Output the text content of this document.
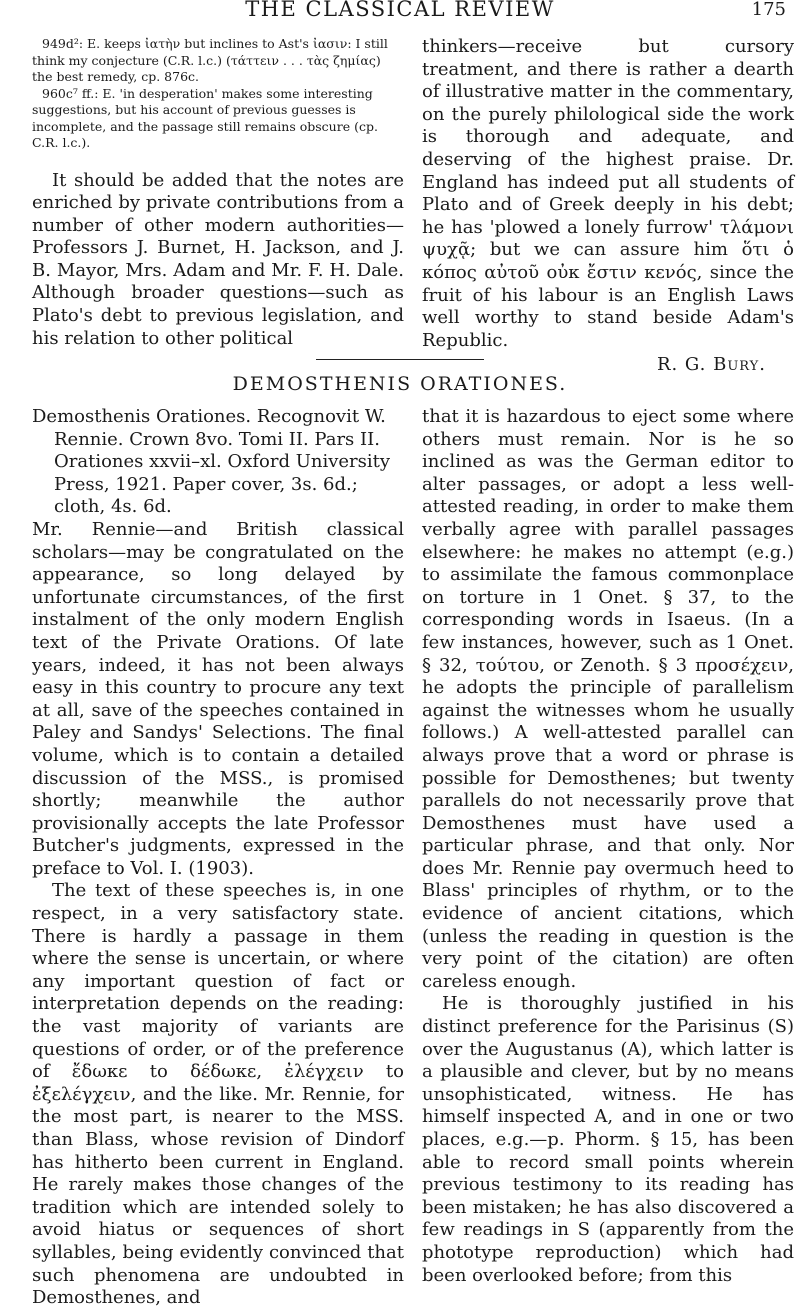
THE CLASSICAL REVIEW	175

949d²: E. keeps ἰατὴν but inclines to Ast's ἰασιν: I still think my conjecture (C.R. l.c.) (τάττειν . . . τὰς ζημίας) the best remedy, cp. 876c.

960c⁷ ff.: E. 'in desperation' makes some interesting suggestions, but his account of previous guesses is incomplete, and the passage still remains obscure (cp. C.R. l.c.).

It should be added that the notes are enriched by private contributions from a number of other modern authorities—Professors J. Burnet, H. Jackson, and J. B. Mayor, Mrs. Adam and Mr. F. H. Dale. Although broader questions—such as Plato's debt to previous legislation, and his relation to other political

thinkers—receive but cursory treatment, and there is rather a dearth of illustrative matter in the commentary, on the purely philological side the work is thorough and adequate, and deserving of the highest praise. Dr. England has indeed put all students of Plato and of Greek deeply in his debt; he has 'plowed a lonely furrow' τλάμονι ψυχᾷ; but we can assure him ὅτι ὁ κόπος αὐτοῦ οὐκ ἔστιν κενός, since the fruit of his labour is an English Laws well worthy to stand beside Adam's Republic.

R. G. Bury.
DEMOSTHENIS ORATIONES.

Demosthenis Orationes. Recognovit W. Rennie. Crown 8vo. Tomi II. Pars II. Orationes xxvii–xl. Oxford University Press, 1921. Paper cover, 3s. 6d.; cloth, 4s. 6d.

Mr. Rennie—and British classical scholars—may be congratulated on the appearance, so long delayed by unfortunate circumstances, of the first instalment of the only modern English text of the Private Orations. Of late years, indeed, it has not been always easy in this country to procure any text at all, save of the speeches contained in Paley and Sandys' Selections. The final volume, which is to contain a detailed discussion of the MSS., is promised shortly; meanwhile the author provisionally accepts the late Professor Butcher's judgments, expressed in the preface to Vol. I. (1903).

The text of these speeches is, in one respect, in a very satisfactory state. There is hardly a passage in them where the sense is uncertain, or where any important question of fact or interpretation depends on the reading: the vast majority of variants are questions of order, or of the preference of ἔδωκε to δέδωκε, ἐλέγχειν to ἐξελέγχειν, and the like. Mr. Rennie, for the most part, is nearer to the MSS. than Blass, whose revision of Dindorf has hitherto been current in England. He rarely makes those changes of the tradition which are intended solely to avoid hiatus or sequences of short syllables, being evidently convinced that such phenomena are undoubted in Demosthenes, and

that it is hazardous to eject some where others must remain. Nor is he so inclined as was the German editor to alter passages, or adopt a less well-attested reading, in order to make them verbally agree with parallel passages elsewhere: he makes no attempt (e.g.) to assimilate the famous commonplace on torture in 1 Onet. § 37, to the corresponding words in Isaeus. (In a few instances, however, such as 1 Onet. § 32, τούτου, or Zenoth. § 3 προσέχειν, he adopts the principle of parallelism against the witnesses whom he usually follows.) A well-attested parallel can always prove that a word or phrase is possible for Demosthenes; but twenty parallels do not necessarily prove that Demosthenes must have used a particular phrase, and that only. Nor does Mr. Rennie pay overmuch heed to Blass' principles of rhythm, or to the evidence of ancient citations, which (unless the reading in question is the very point of the citation) are often careless enough.

He is thoroughly justified in his distinct preference for the Parisinus (S) over the Augustanus (A), which latter is a plausible and clever, but by no means unsophisticated, witness. He has himself inspected A, and in one or two places, e.g.—p. Phorm. § 15, has been able to record small points wherein previous testimony to its reading has been mistaken; he has also discovered a few readings in S (apparently from the phototype reproduction) which had been overlooked before; from this
